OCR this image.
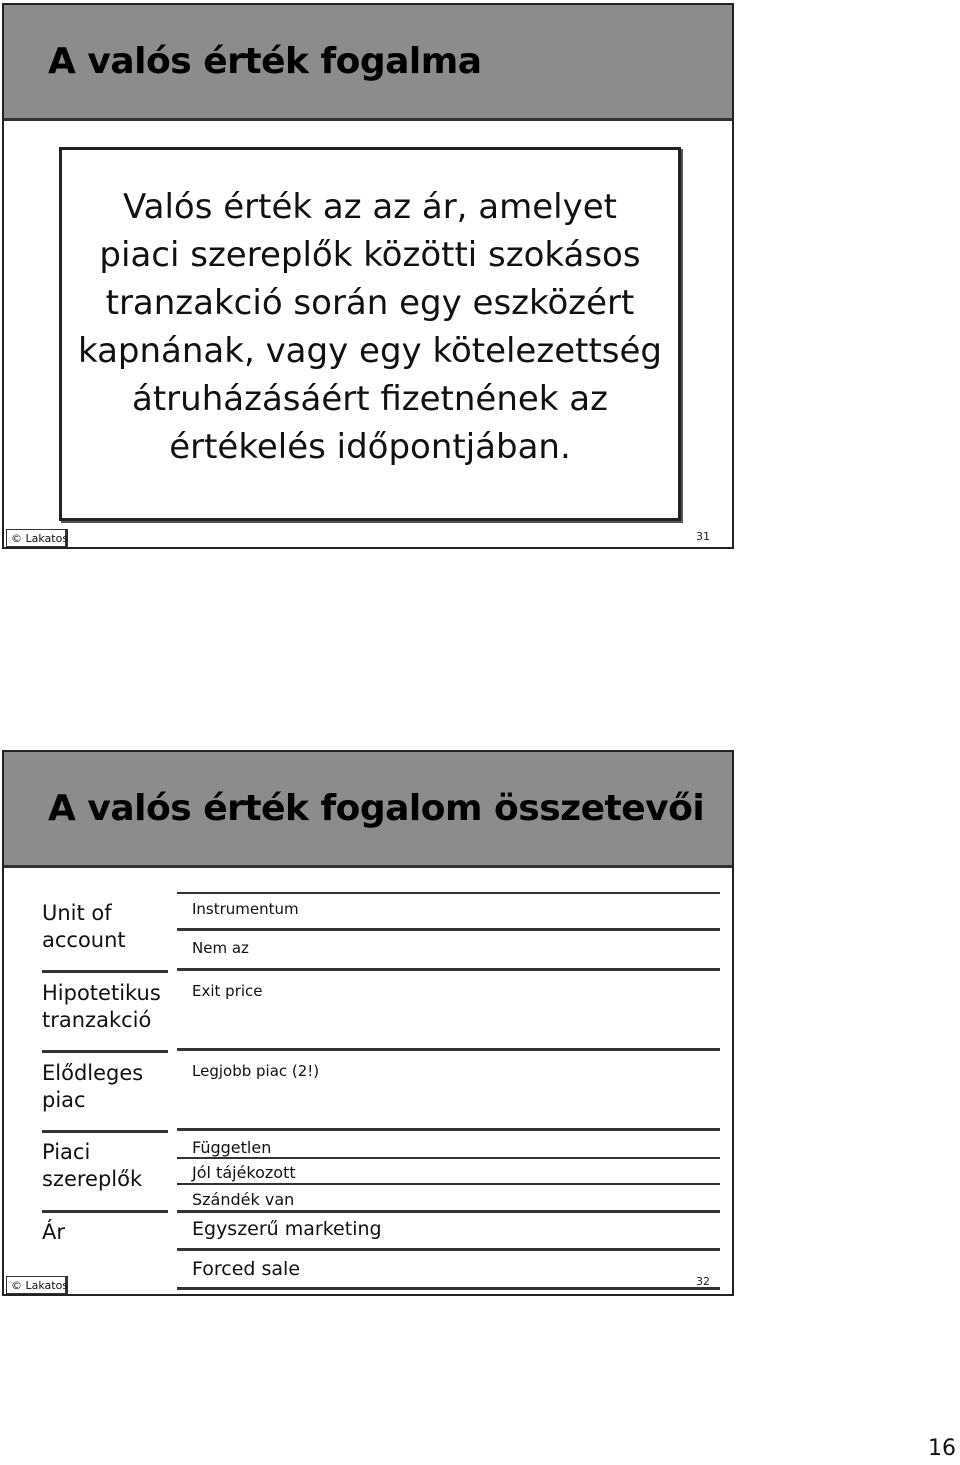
A valós érték fogalma
Valós érték az az ár, amelyet
piaci szereplők közötti szokásos
tranzakció során egy eszközért
kapnának, vagy egy kötelezettség
átruházásáért fizetnének az
értékelés időpontjában.
© Lakatos	31
A valós érték fogalom összetevői
Unit of
account
Hipotetikus
tranzakció
Elődleges
piac
Piaci
szereplők
Ár
Instrumentum
Nem az
Exit price
Legjobb piac (2!)
Független
Jól tájékozott
Szándék van
Egyszerű marketing
Forced sale
© Lakatos	32
16
